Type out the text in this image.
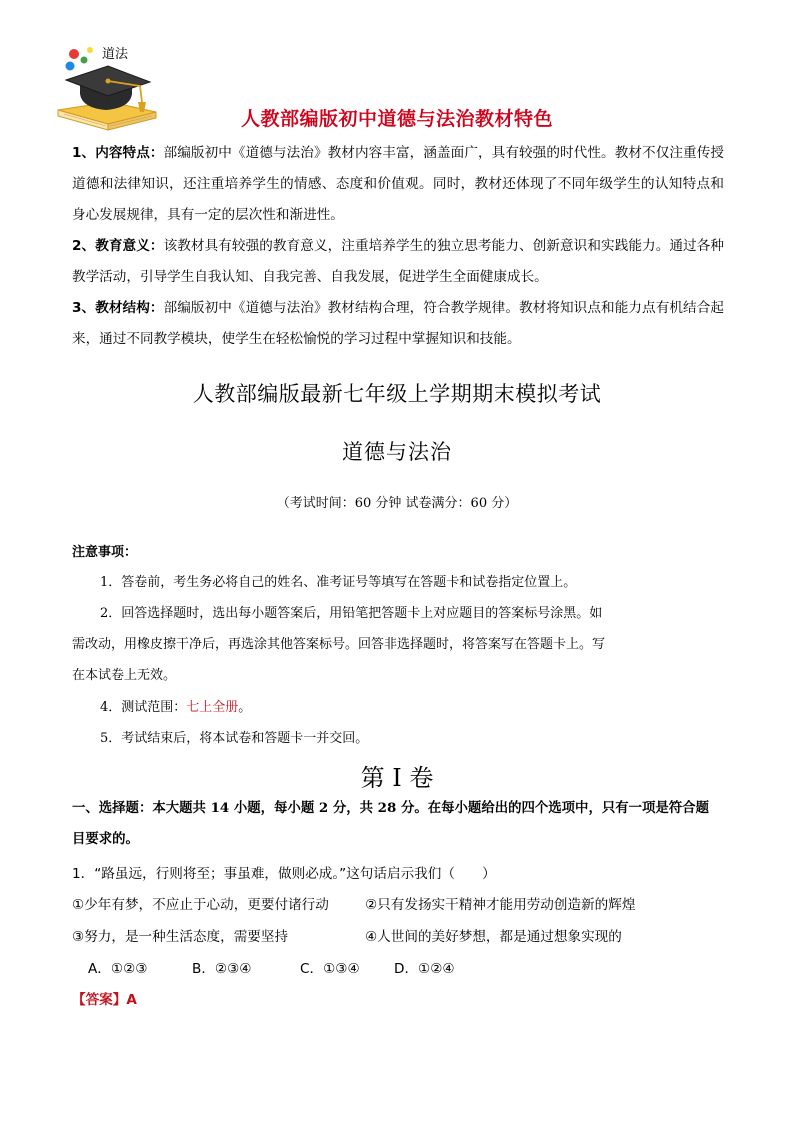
道法
人教部编版初中道德与法治教材特色
1、内容特点：部编版初中《道德与法治》教材内容丰富，涵盖面广，具有较强的时代性。教材不仅注重传授道德和法律知识，还注重培养学生的情感、态度和价值观。同时，教材还体现了不同年级学生的认知特点和身心发展规律，具有一定的层次性和渐进性。
2、教育意义：该教材具有较强的教育意义，注重培养学生的独立思考能力、创新意识和实践能力。通过各种教学活动，引导学生自我认知、自我完善、自我发展，促进学生全面健康成长。
3、教材结构：部编版初中《道德与法治》教材结构合理，符合教学规律。教材将知识点和能力点有机结合起来，通过不同教学模块，使学生在轻松愉悦的学习过程中掌握知识和技能。
人教部编版最新七年级上学期期末模拟考试
道德与法治
（考试时间：60 分钟 试卷满分：60 分）
注意事项：
1．答卷前，考生务必将自己的姓名、准考证号等填写在答题卡和试卷指定位置上。
2．回答选择题时，选出每小题答案后，用铅笔把答题卡上对应题目的答案标号涂黑。如
需改动，用橡皮擦干净后，再选涂其他答案标号。回答非选择题时，将答案写在答题卡上。写
在本试卷上无效。
4．测试范围：七上全册。
5．考试结束后，将本试卷和答题卡一并交回。
第 I 卷
一、选择题：本大题共 14 小题，每小题 2 分，共 28 分。在每小题给出的四个选项中，只有一项是符合题
目要求的。
1．“路虽远，行则将至；事虽难，做则必成。”这句话启示我们（　　）
①少年有梦，不应止于心动，更要付诸行动	②只有发扬实干精神才能用劳动创造新的辉煌
③努力，是一种生活态度，需要坚持	④人世间的美好梦想，都是通过想象实现的
A．①②③	B．②③④	C．①③④	D．①②④
【答案】A
